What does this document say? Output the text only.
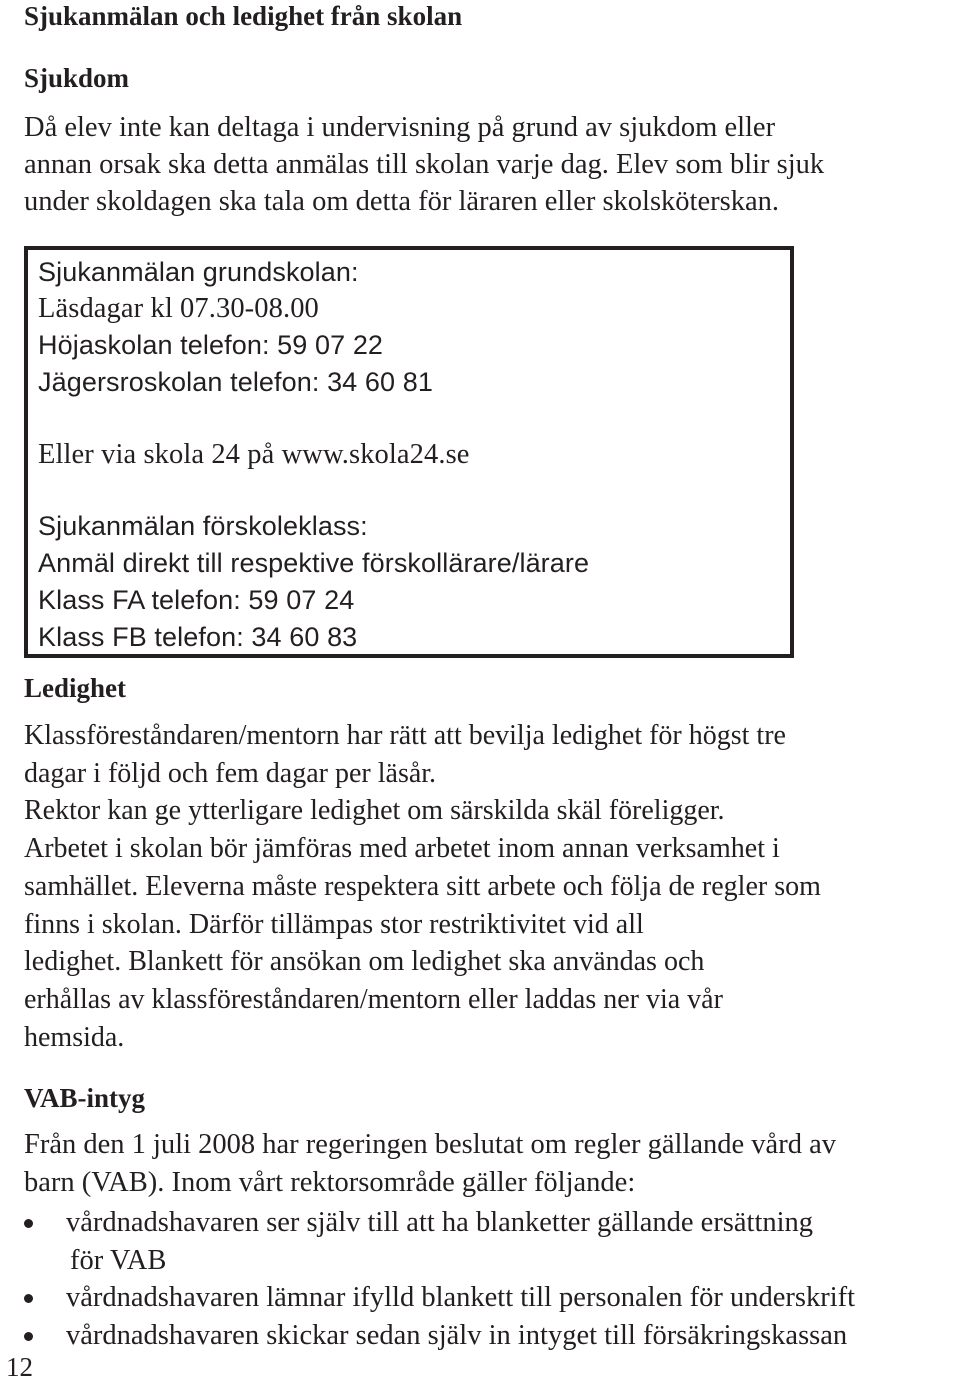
Sjukanmälan och ledighet från skolan
Sjukdom
Då elev inte kan deltaga i undervisning på grund av sjukdom eller
annan orsak ska detta anmälas till skolan varje dag. Elev som blir sjuk
under skoldagen ska tala om detta för läraren eller skolsköterskan.
Sjukanmälan grundskolan:
Läsdagar kl 07.30-08.00
Höjaskolan telefon: 59 07 22
Jägersroskolan telefon: 34 60 81
Eller via skola 24 på www.skola24.se
Sjukanmälan förskoleklass:
Anmäl direkt till respektive förskollärare/lärare
Klass FA telefon: 59 07 24
Klass FB telefon: 34 60 83
Ledighet
Klassföreståndaren/mentorn har rätt att bevilja ledighet för högst tre
dagar i följd och fem dagar per läsår.
Rektor kan ge ytterligare ledighet om särskilda skäl föreligger.
Arbetet i skolan bör jämföras med arbetet inom annan verksamhet i
samhället. Eleverna måste respektera sitt arbete och följa de regler som
finns i skolan. Därför tillämpas stor restriktivitet vid all
ledighet. Blankett för ansökan om ledighet ska användas och
erhållas av klassföreståndaren/mentorn eller laddas ner via vår
hemsida.
VAB-intyg
Från den 1 juli 2008 har regeringen beslutat om regler gällande vård av
barn (VAB). Inom vårt rektorsområde gäller följande:
vårdnadshavaren ser själv till att ha blanketter gällande ersättning
för VAB
vårdnadshavaren lämnar ifylld blankett till personalen för underskrift
vårdnadshavaren skickar sedan själv in intyget till försäkringskassan
12
